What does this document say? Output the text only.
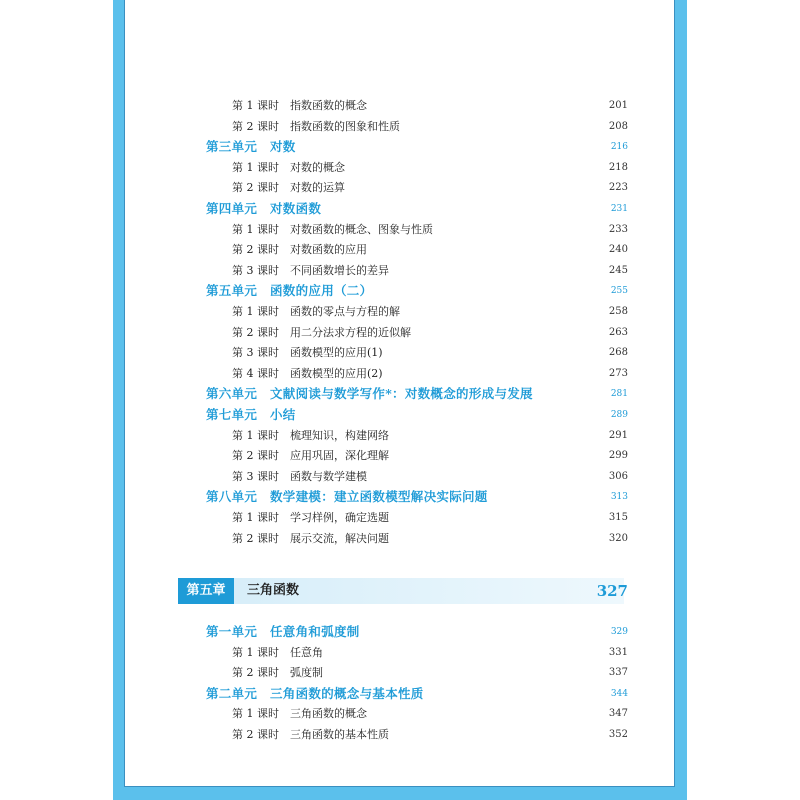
第 1 课时　指数函数的概念	201
第 2 课时　指数函数的图象和性质	208
第三单元　对数	216
第 1 课时　对数的概念	218
第 2 课时　对数的运算	223
第四单元　对数函数	231
第 1 课时　对数函数的概念、图象与性质	233
第 2 课时　对数函数的应用	240
第 3 课时　不同函数增长的差异	245
第五单元　函数的应用（二）	255
第 1 课时　函数的零点与方程的解	258
第 2 课时　用二分法求方程的近似解	263
第 3 课时　函数模型的应用(1)	268
第 4 课时　函数模型的应用(2)	273
第六单元　文献阅读与数学写作*：对数概念的形成与发展	281
第七单元　小结	289
第 1 课时　梳理知识，构建网络	291
第 2 课时　应用巩固，深化理解	299
第 3 课时　函数与数学建模	306
第八单元　数学建模：建立函数模型解决实际问题	313
第 1 课时　学习样例，确定选题	315
第 2 课时　展示交流，解决问题	320
第五章	三角函数	327
第一单元　任意角和弧度制	329
第 1 课时　任意角	331
第 2 课时　弧度制	337
第二单元　三角函数的概念与基本性质	344
第 1 课时　三角函数的概念	347
第 2 课时　三角函数的基本性质	352
